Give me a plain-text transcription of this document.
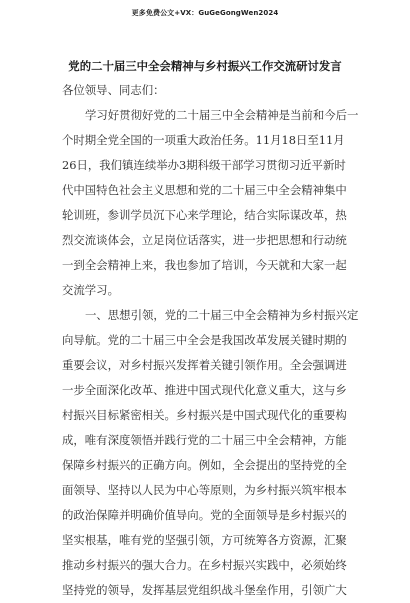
更多免费公文+VX：GuGeGongWen2024
党的二十届三中全会精神与乡村振兴工作交流研讨发言

各位领导、同志们：

学习好贯彻好党的二十届三中全会精神是当前和今后一

个时期全党全国的一项重大政治任务。11月18日至11月

26日，我们镇连续举办3期科级干部学习贯彻习近平新时

代中国特色社会主义思想和党的二十届三中全会精神集中

轮训班，参训学员沉下心来学理论，结合实际谋改革，热

烈交流谈体会，立足岗位话落实，进一步把思想和行动统

一到全会精神上来，我也参加了培训，今天就和大家一起

交流学习。

一、思想引领，党的二十届三中全会精神为乡村振兴定

向导航。党的二十届三中全会是我国改革发展关键时期的

重要会议，对乡村振兴发挥着关键引领作用。全会强调进

一步全面深化改革、推进中国式现代化意义重大，这与乡

村振兴目标紧密相关。乡村振兴是中国式现代化的重要构

成，唯有深度领悟并践行党的二十届三中全会精神，方能

保障乡村振兴的正确方向。例如，全会提出的坚持党的全

面领导、坚持以人民为中心等原则，为乡村振兴筑牢根本

的政治保障并明确价值导向。党的全面领导是乡村振兴的

坚实根基，唯有党的坚强引领，方可统筹各方资源，汇聚

推动乡村振兴的强大合力。在乡村振兴实践中，必须始终

坚持党的领导，发挥基层党组织战斗堡垒作用，引领广大
